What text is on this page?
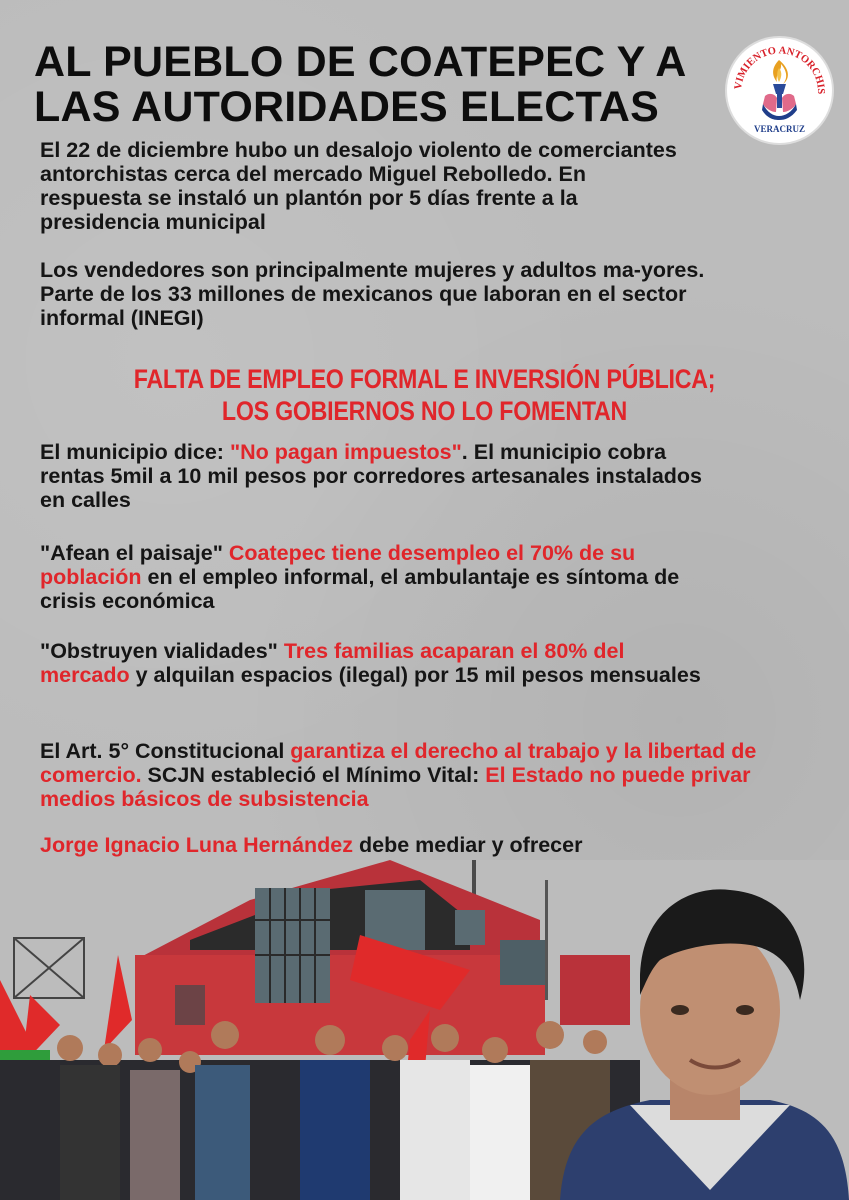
AL PUEBLO DE COATEPEC Y A
LAS AUTORIDADES ELECTAS	VIMIENTO ANTORCHIS
VERACRUZ
El 22 de diciembre hubo un desalojo violento de comerciantes antorchistas cerca del mercado Miguel Rebolledo. En respuesta se instaló un plantón por 5 días frente a la presidencia municipal
Los vendedores son principalmente mujeres y adultos ma-yores. Parte de los 33 millones de mexicanos que laboran en el sector informal (INEGI)
FALTA DE EMPLEO FORMAL E INVERSIÓN PÚBLICA;
LOS GOBIERNOS NO LO FOMENTAN
El municipio dice: "No pagan impuestos". El municipio cobra rentas 5mil a 10 mil pesos por corredores artesanales instalados en calles
"Afean el paisaje" Coatepec tiene desempleo el 70% de su población en el empleo informal, el ambulantaje es síntoma de crisis económica
"Obstruyen vialidades" Tres familias acaparan el 80% del mercado y alquilan espacios (ilegal) por 15 mil pesos mensuales
El Art. 5° Constitucional garantiza el derecho al trabajo y la libertad de comercio. SCJN estableció el Mínimo Vital: El Estado no puede privar medios básicos de subsistencia
Jorge Ignacio Luna Hernández debe mediar y ofrecer
